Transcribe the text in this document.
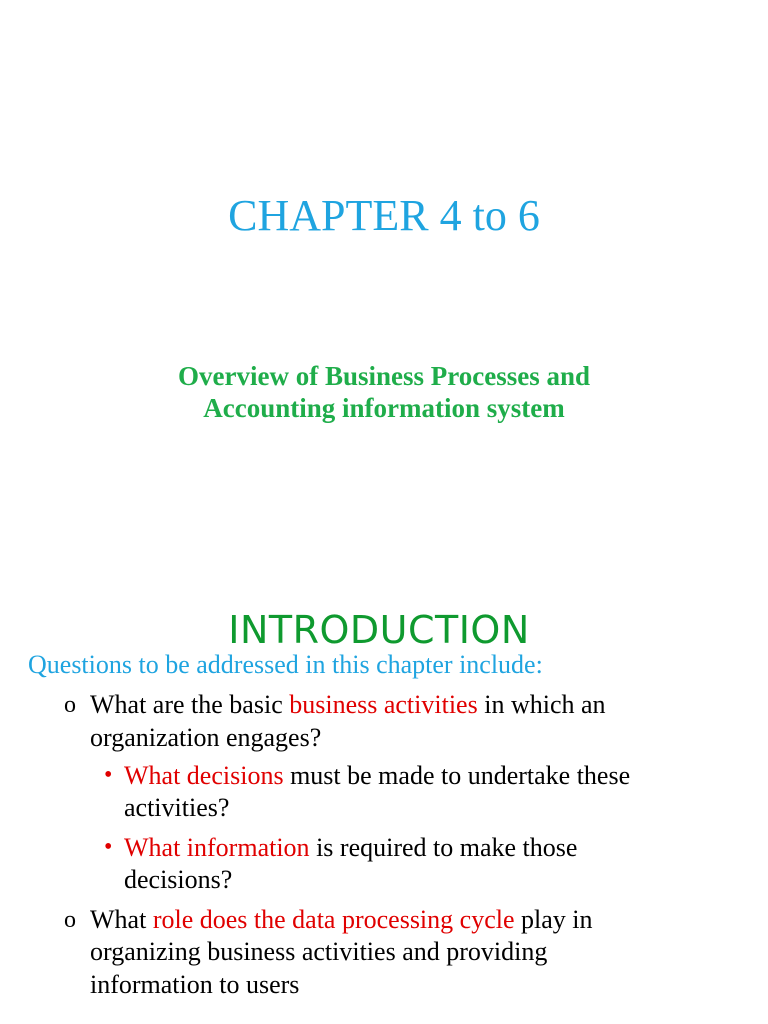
CHAPTER 4 to 6
Overview of Business Processes and
Accounting information system
INTRODUCTION
Questions to be addressed in this chapter include:
o What are the basic business activities in which an
organization engages?
• What decisions must be made to undertake these
activities?
• What information is required to make those
decisions?
o What role does the data processing cycle play in
organizing business activities and providing
information to users
